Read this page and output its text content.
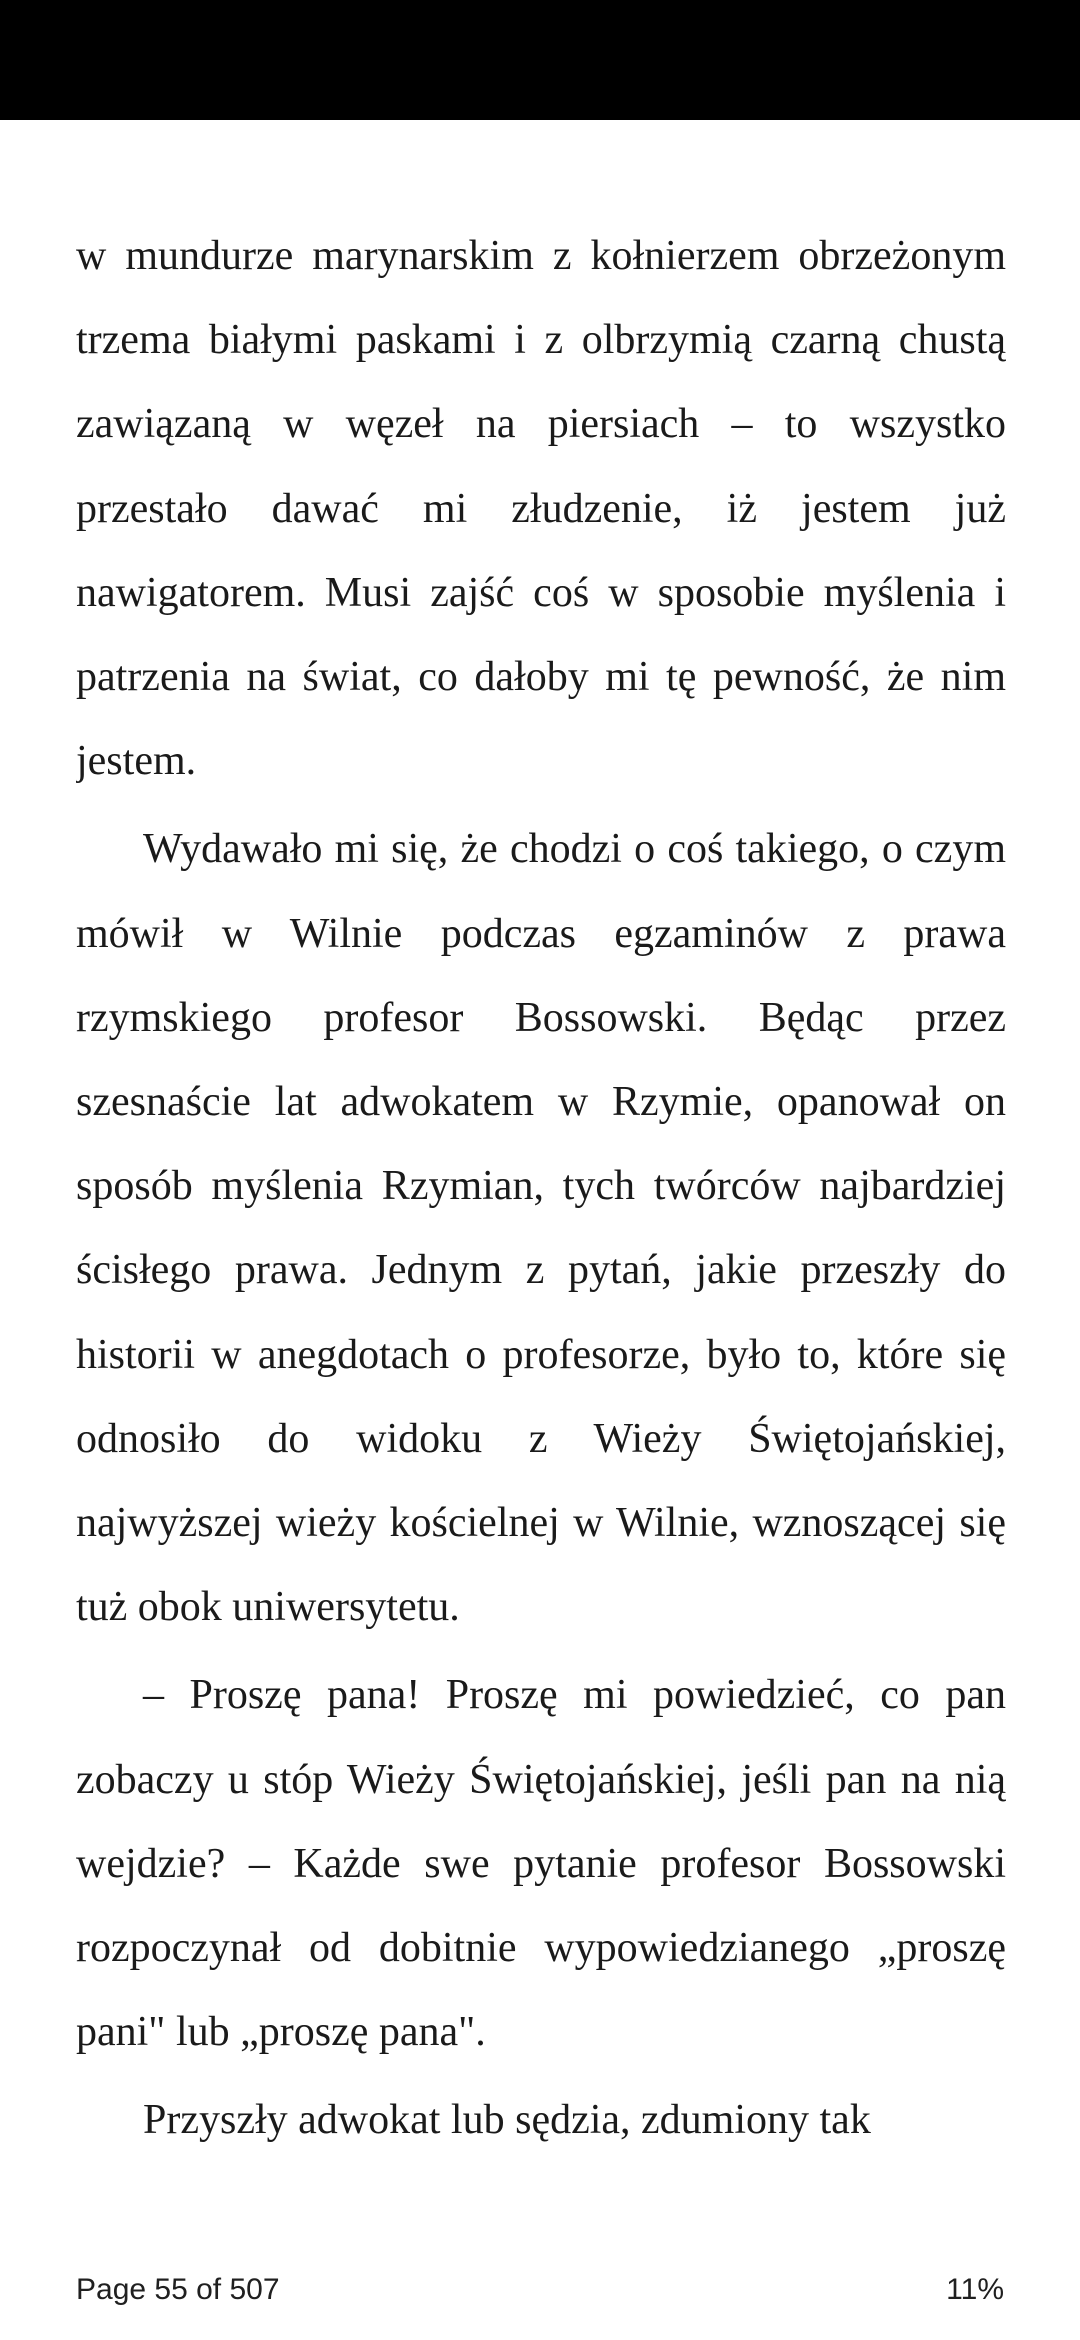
w mundurze marynarskim z kołnierzem obrzeżonym trzema białymi paskami i z olbrzymią czarną chustą zawiązaną w węzeł na piersiach – to wszystko przestało dawać mi złudzenie, iż jestem już nawigatorem. Musi zajść coś w sposobie myślenia i patrzenia na świat, co dałoby mi tę pewność, że nim jestem.

Wydawało mi się, że chodzi o coś takiego, o czym mówił w Wilnie podczas egzaminów z prawa rzymskiego profesor Bossowski. Będąc przez szesnaście lat adwokatem w Rzymie, opanował on sposób myślenia Rzymian, tych twórców najbardziej ścisłego prawa. Jednym z pytań, jakie przeszły do historii w anegdotach o profesorze, było to, które się odnosiło do widoku z Wieży Świętojańskiej, najwyższej wieży kościelnej w Wilnie, wznoszącej się tuż obok uniwersytetu.

– Proszę pana! Proszę mi powiedzieć, co pan zobaczy u stóp Wieży Świętojańskiej, jeśli pan na nią wejdzie? – Każde swe pytanie profesor Bossowski rozpoczynał od dobitnie wypowiedzianego „proszę pani" lub „proszę pana".

Przyszły adwokat lub sędzia, zdumiony tak

Page 55 of 507	11%
